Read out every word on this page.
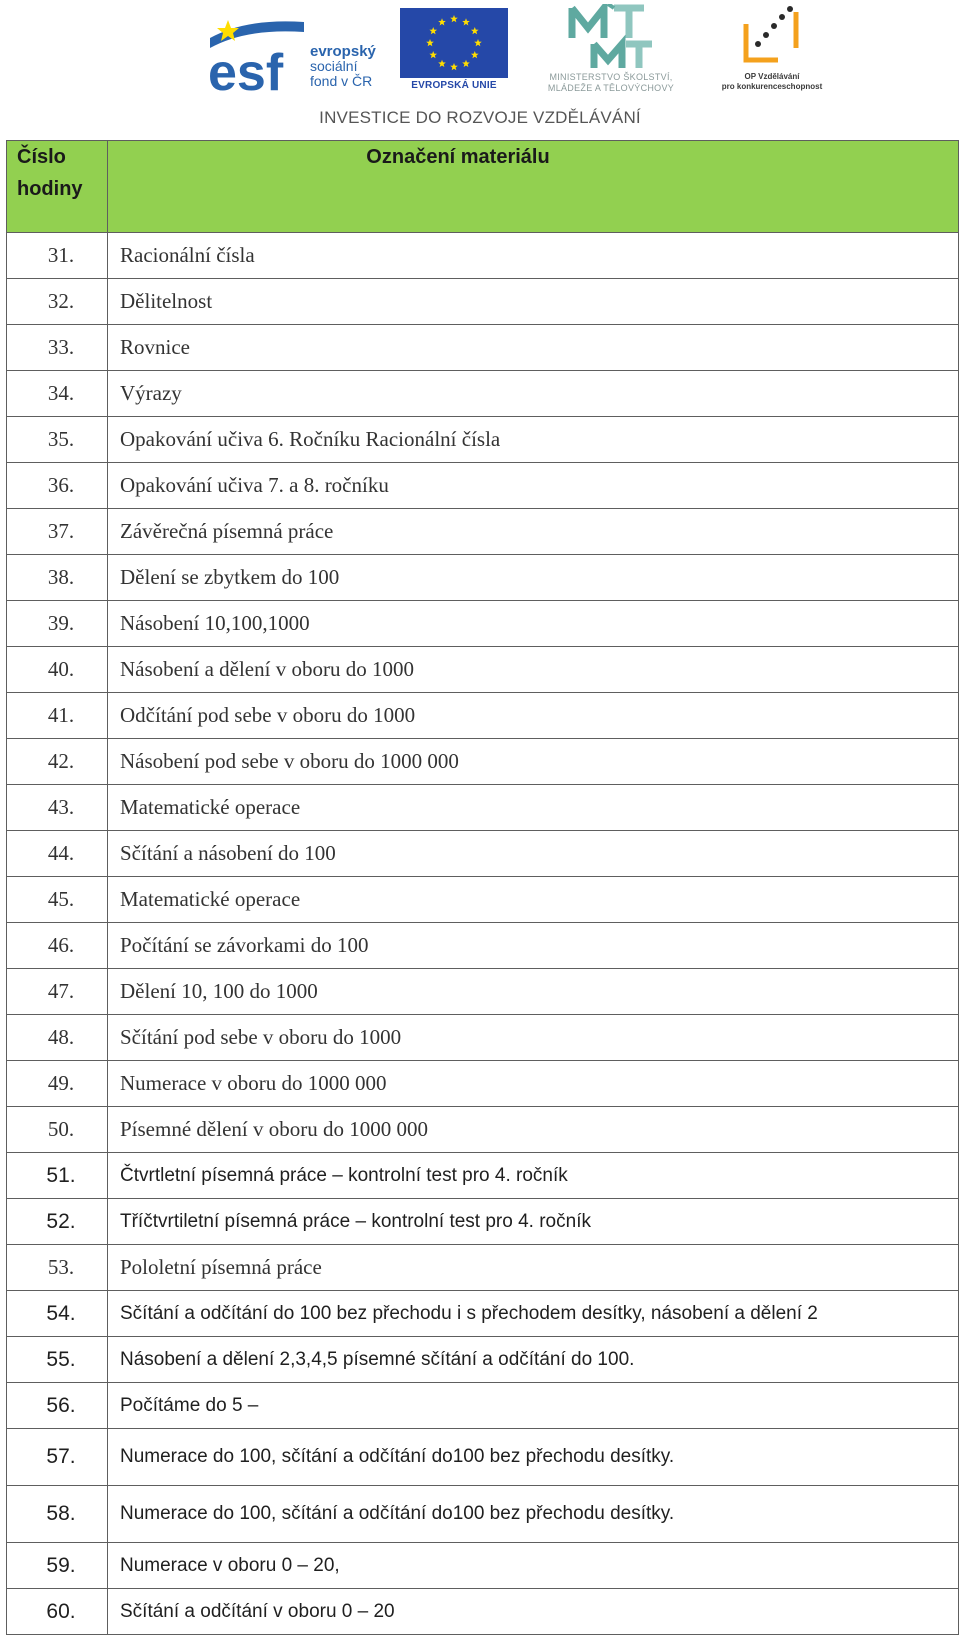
esf evropský
sociální
fond v ČR	EVROPSKÁ UNIE
MINISTERSTVO ŠKOLSTVÍ,
MLÁDEŽE A TĚLOVÝCHOVY
OP Vzdělávání
pro konkurenceschopnost
INVESTICE DO ROZVOJE VZDĚLÁVÁNÍ
Číslo
hodiny	Označení materiálu
31.	Racionální čísla
32.	Dělitelnost
33.	Rovnice
34.	Výrazy
35.	Opakování učiva 6. Ročníku Racionální čísla
36.	Opakování učiva 7. a 8. ročníku
37.	Závěrečná písemná práce
38.	Dělení se zbytkem do 100
39.	Násobení 10,100,1000
40.	Násobení a dělení v oboru do 1000
41.	Odčítání pod sebe v oboru do 1000
42.	Násobení pod sebe v oboru do 1000 000
43.	Matematické operace
44.	Sčítání a násobení do 100
45.	Matematické operace
46.	Počítání se závorkami do 100
47.	Dělení 10, 100 do 1000
48.	Sčítání pod sebe v oboru do 1000
49.	Numerace v oboru do 1000 000
50.	Písemné dělení v oboru do 1000 000
51.	Čtvrtletní písemná práce – kontrolní test pro 4. ročník
52.	Tříčtvrtiletní písemná práce – kontrolní test pro 4. ročník
53.	Pololetní písemná práce
54.	Sčítání a odčítání do 100 bez přechodu i s přechodem desítky, násobení a dělení 2
55.	Násobení a dělení 2,3,4,5 písemné sčítání a odčítání do 100.
56.	Počítáme do 5 –
57.	Numerace do 100, sčítání a odčítání do100 bez přechodu desítky.
58.	Numerace do 100, sčítání a odčítání do100 bez přechodu desítky.
59.	Numerace v oboru 0 – 20,
60.	Sčítání a odčítání v oboru 0 – 20
